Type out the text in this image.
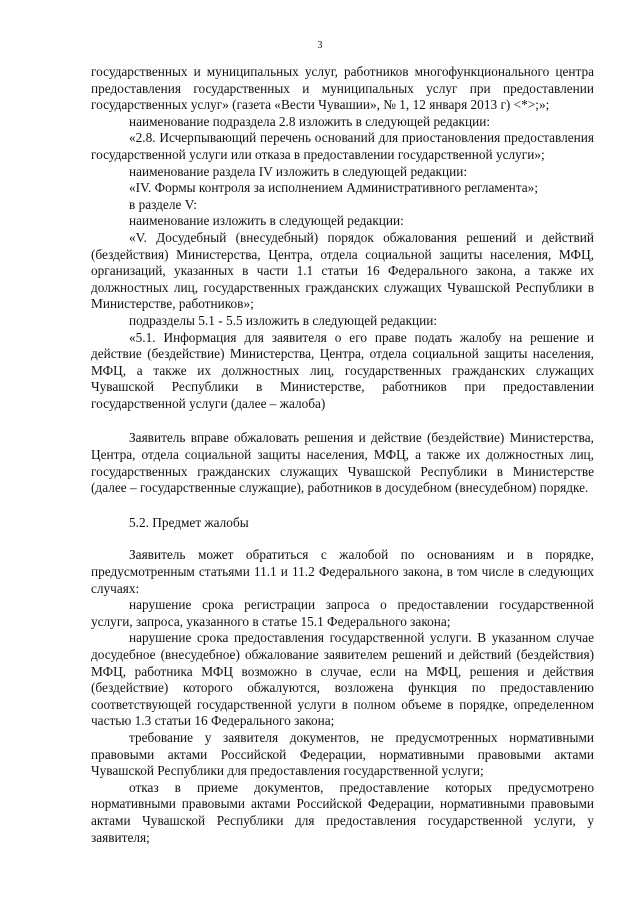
3

государственных и муниципальных услуг, работников многофункционального центра предоставления государственных и муниципальных услуг при предоставлении государственных услуг» (газета «Вести Чувашии», № 1, 12 января 2013 г) <*>;»;

наименование подраздела 2.8 изложить в следующей редакции:

«2.8. Исчерпывающий перечень оснований для приостановления предоставления государственной услуги или отказа в предоставлении государственной услуги»;

наименование раздела IV изложить в следующей редакции:

«IV. Формы контроля за исполнением Административного регламента»;

в разделе V:

наименование изложить в следующей редакции:

«V. Досудебный (внесудебный) порядок обжалования решений и действий (бездействия) Министерства, Центра, отдела социальной защиты населения, МФЦ, организаций, указанных в части 1.1 статьи 16 Федерального закона, а также их должностных лиц, государственных гражданских служащих Чувашской Республики в Министерстве, работников»;

подразделы 5.1 - 5.5 изложить в следующей редакции:

«5.1. Информация для заявителя о его праве подать жалобу на решение и действие (бездействие) Министерства, Центра, отдела социальной защиты населения, МФЦ, а также их должностных лиц, государственных гражданских служащих Чувашской Республики в Министерстве, работников при предоставлении государственной услуги (далее – жалоба)

Заявитель вправе обжаловать решения и действие (бездействие) Министерства, Центра, отдела социальной защиты населения, МФЦ, а также их должностных лиц, государственных гражданских служащих Чувашской Республики в Министерстве (далее – государственные служащие), работников в досудебном (внесудебном) порядке.

5.2. Предмет жалобы

Заявитель может обратиться с жалобой по основаниям и в порядке, предусмотренным статьями 11.1 и 11.2 Федерального закона, в том числе в следующих случаях:

нарушение срока регистрации запроса о предоставлении государственной услуги, запроса, указанного в статье 15.1 Федерального закона;

нарушение срока предоставления государственной услуги. В указанном случае досудебное (внесудебное) обжалование заявителем решений и действий (бездействия) МФЦ, работника МФЦ возможно в случае, если на МФЦ, решения и действия (бездействие) которого обжалуются, возложена функция по предоставлению соответствующей государственной услуги в полном объеме в порядке, определенном частью 1.3 статьи 16 Федерального закона;

требование у заявителя документов, не предусмотренных нормативными правовыми актами Российской Федерации, нормативными правовыми актами Чувашской Республики для предоставления государственной услуги;

отказ в приеме документов, предоставление которых предусмотрено нормативными правовыми актами Российской Федерации, нормативными правовыми актами Чувашской Республики для предоставления государственной услуги, у заявителя;
